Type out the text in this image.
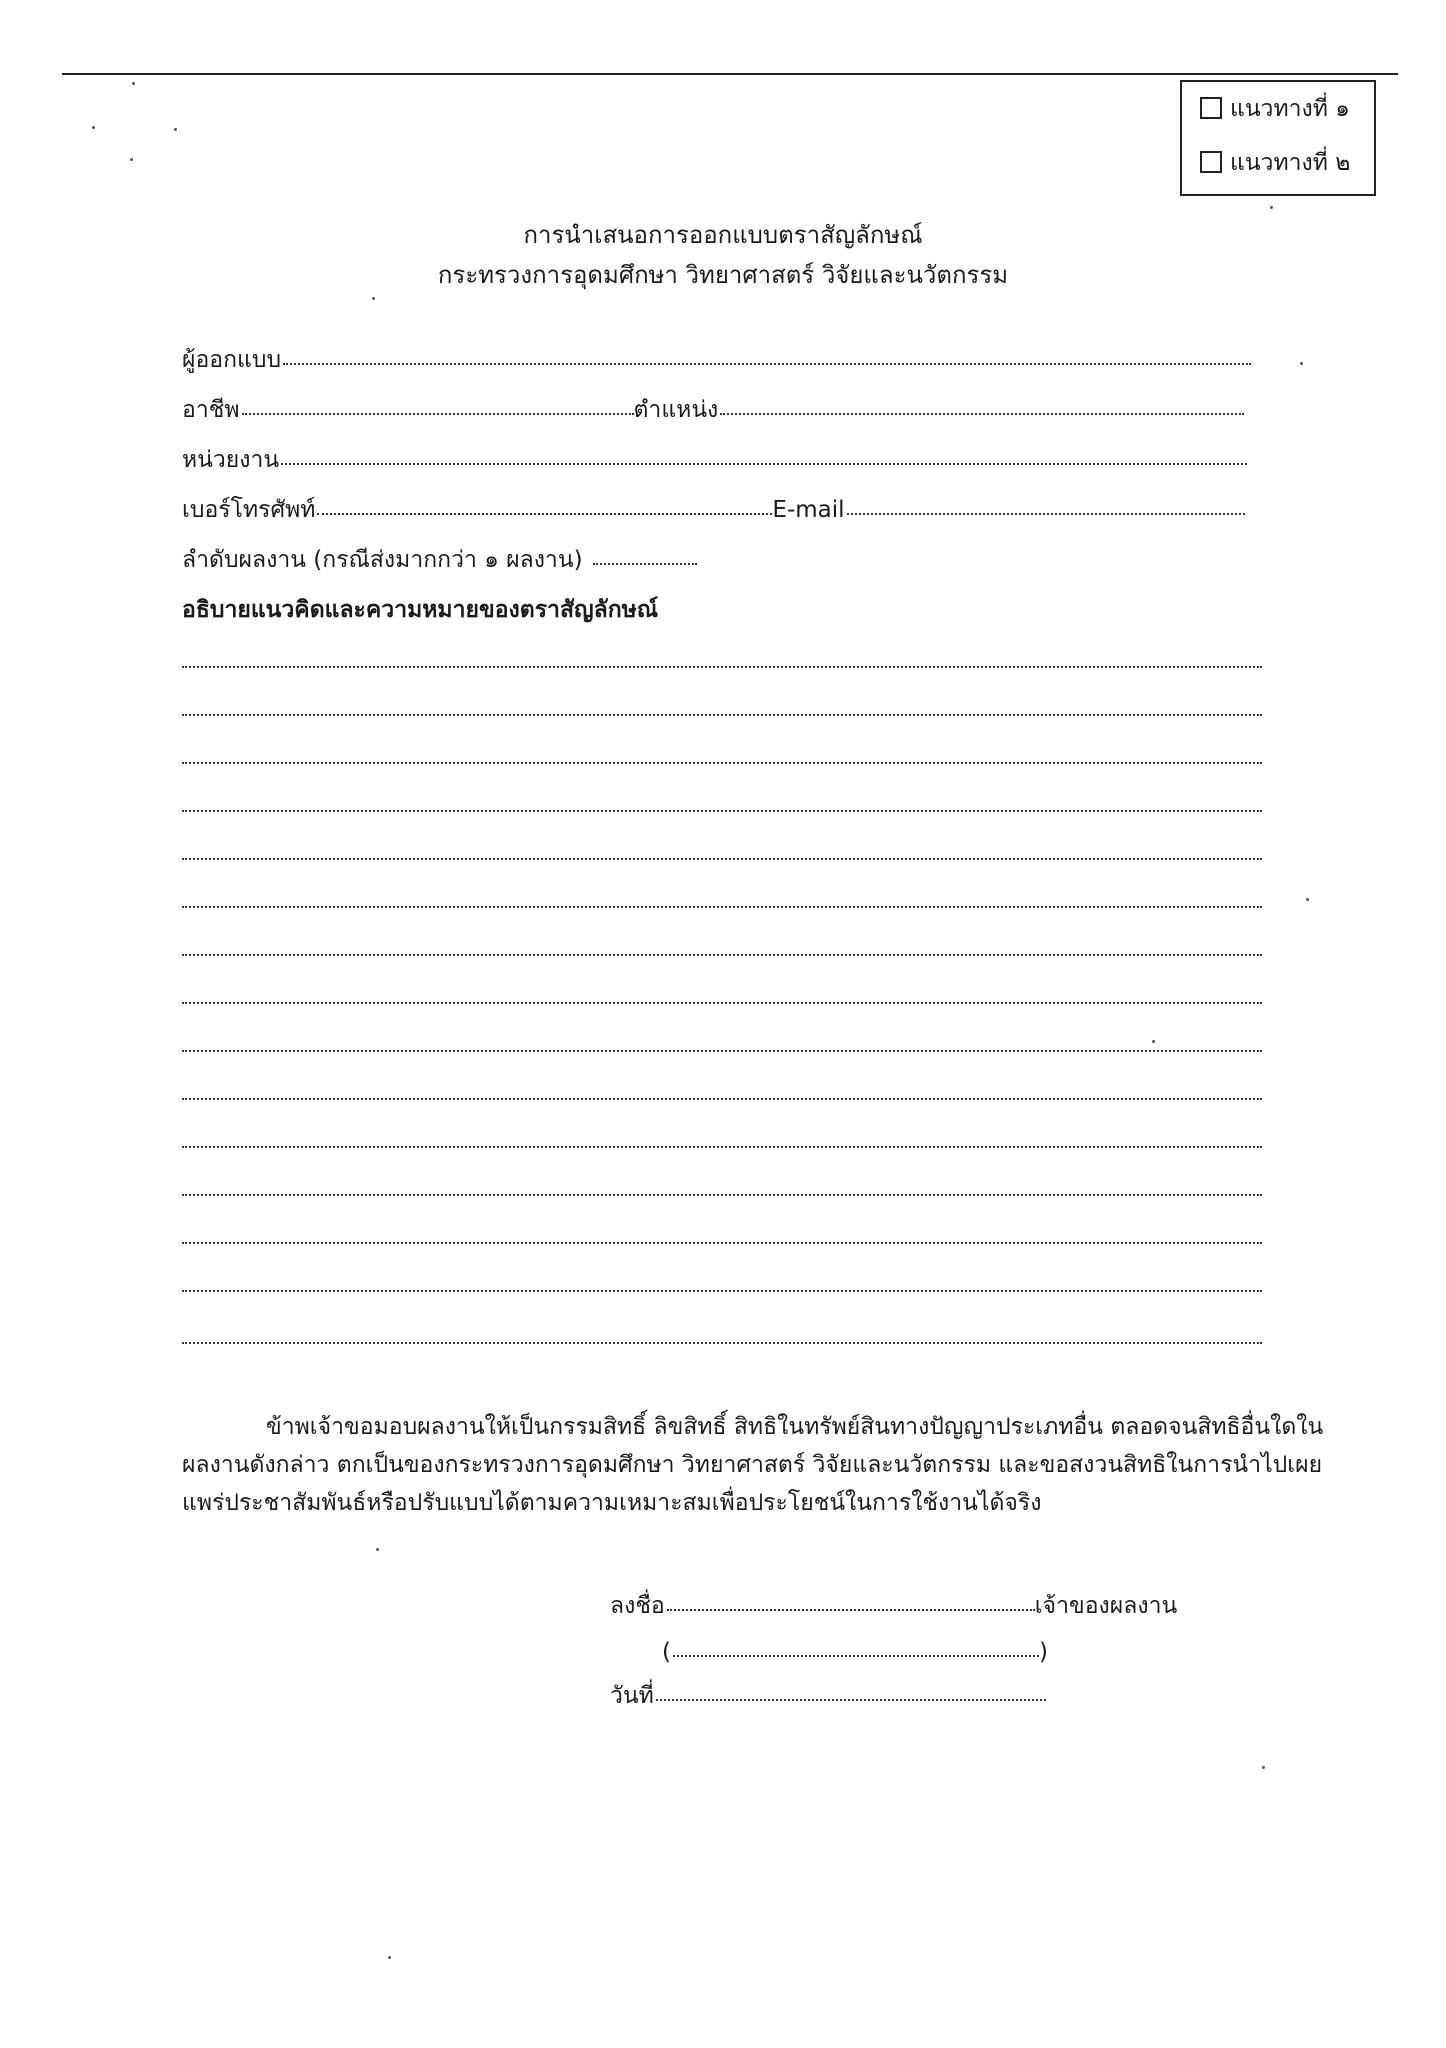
แนวทางที่ ๑
แนวทางที่ ๒
การนำเสนอการออกแบบตราสัญลักษณ์
กระทรวงการอุดมศึกษา วิทยาศาสตร์ วิจัยและนวัตกรรม
ผู้ออกแบบ
อาชีพ	ตำแหน่ง
หน่วยงาน
เบอร์โทรศัพท์	E-mail
ลำดับผลงาน (กรณีส่งมากกว่า ๑ ผลงาน)
อธิบายแนวคิดและความหมายของตราสัญลักษณ์
ข้าพเจ้าขอมอบผลงานให้เป็นกรรมสิทธิ์ ลิขสิทธิ์ สิทธิในทรัพย์สินทางปัญญาประเภทอื่น ตลอดจนสิทธิอื่นใดในผลงานดังกล่าว ตกเป็นของกระทรวงการอุดมศึกษา วิทยาศาสตร์ วิจัยและนวัตกรรม และขอสงวนสิทธิในการนำไปเผยแพร่ประชาสัมพันธ์หรือปรับแบบได้ตามความเหมาะสมเพื่อประโยชน์ในการใช้งานได้จริง
ลงชื่อ	เจ้าของผลงาน
(	)
วันที่
